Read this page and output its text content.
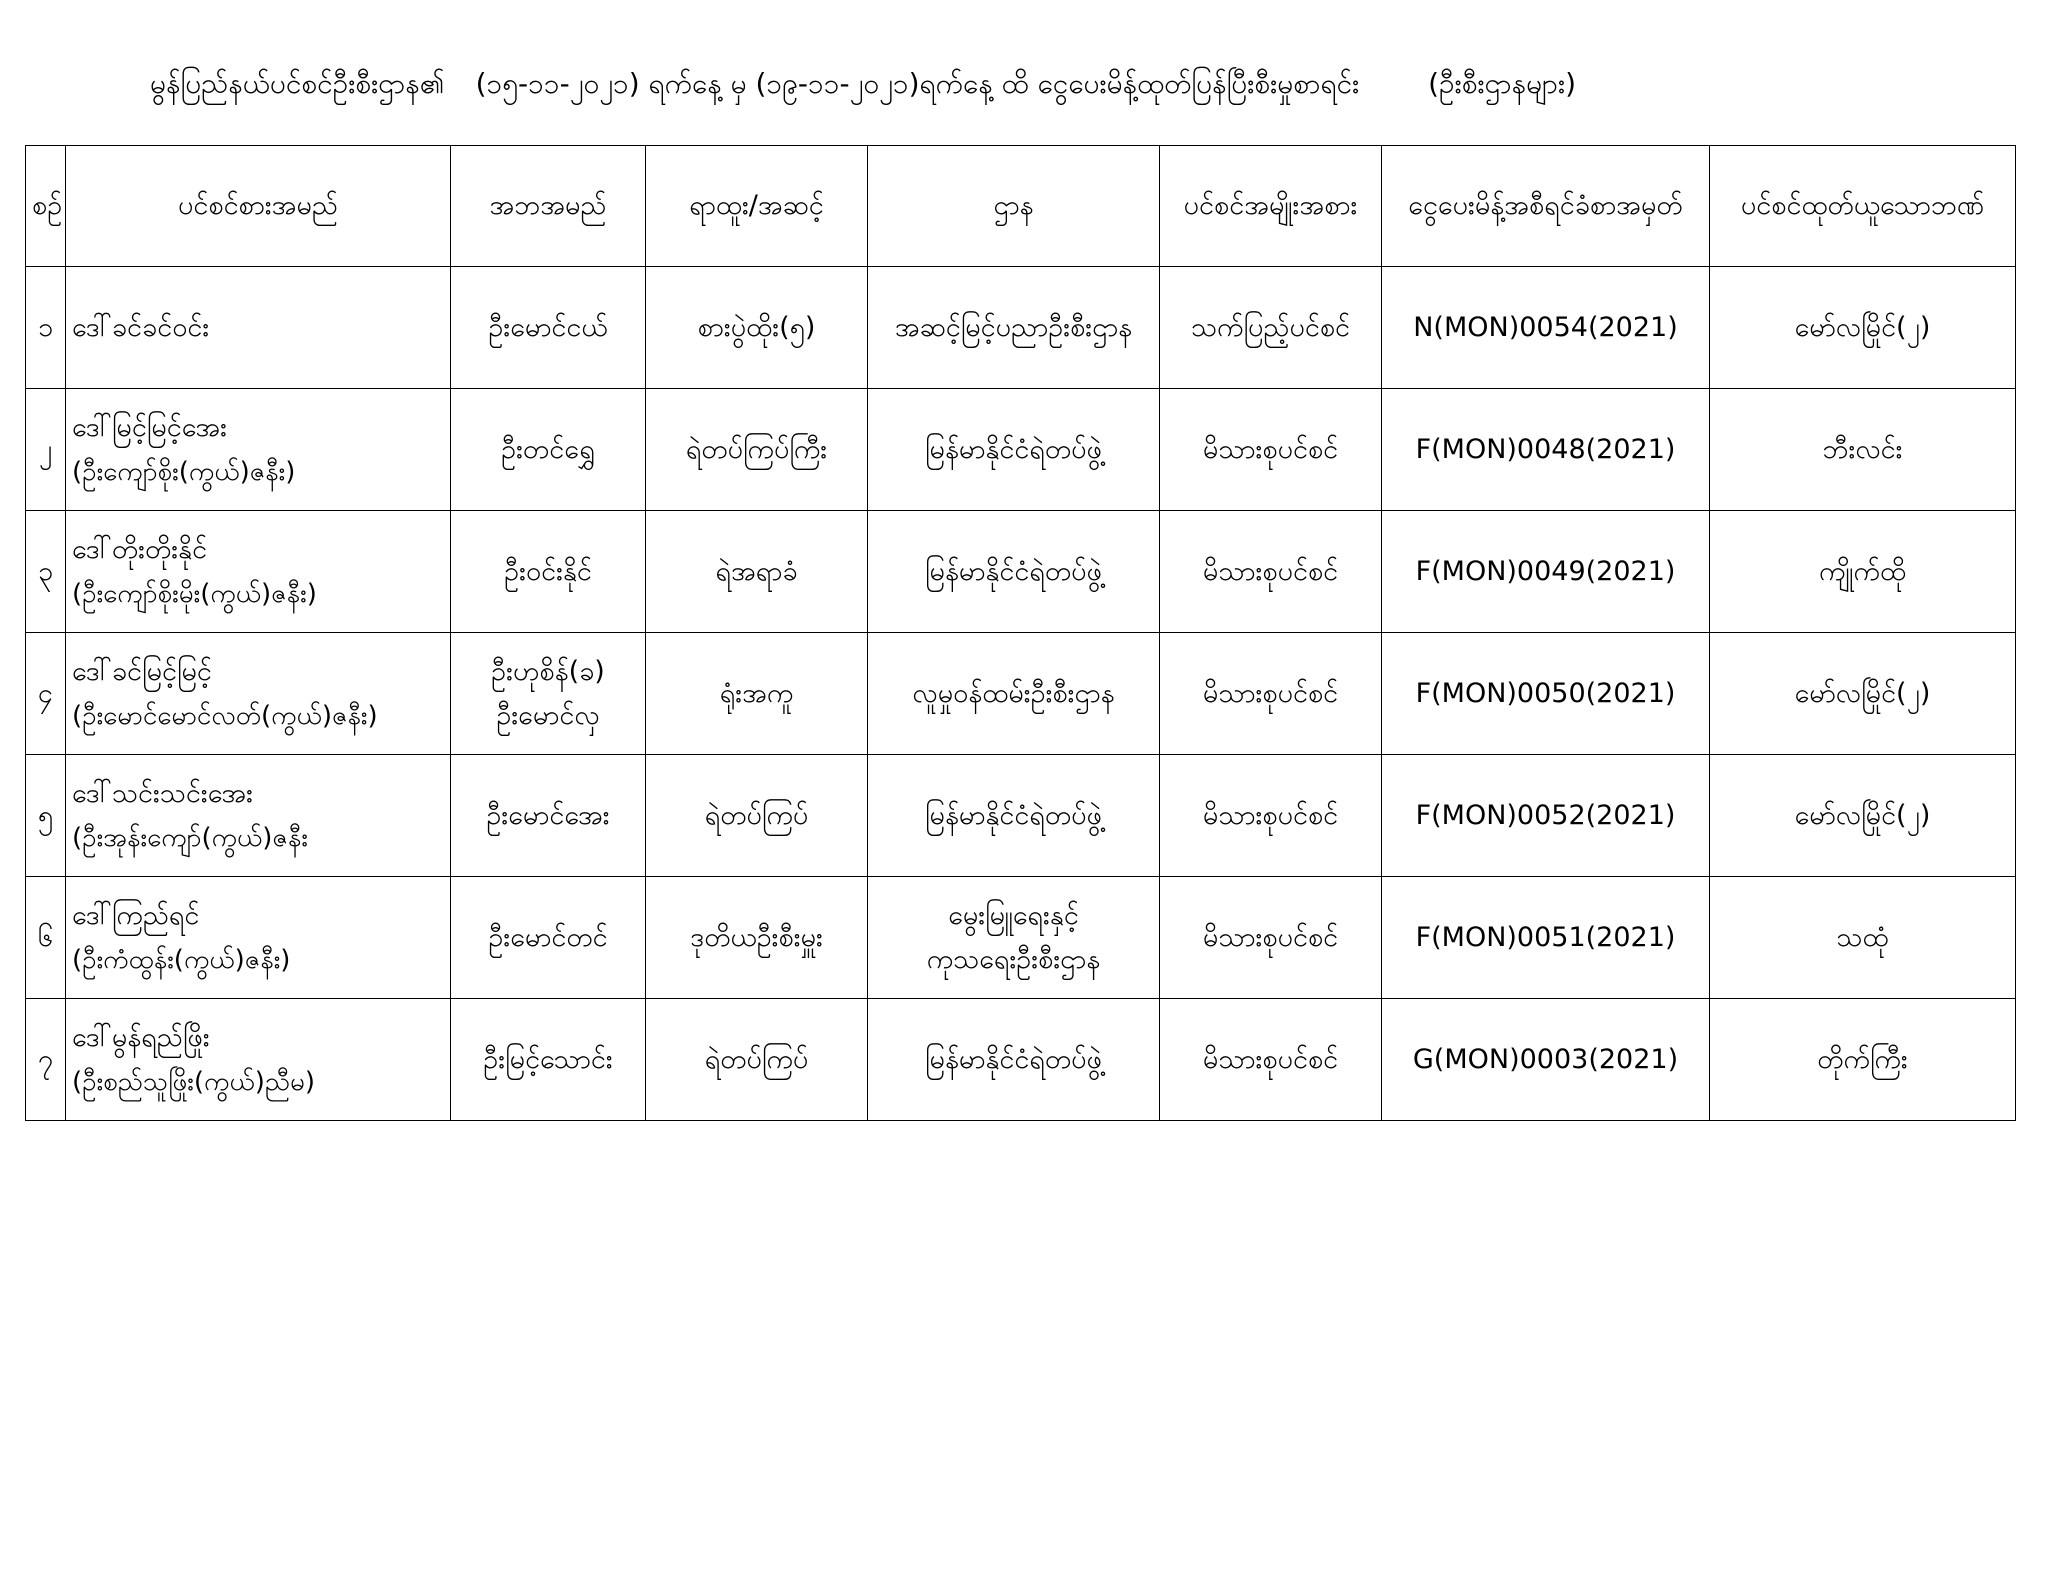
မွန်ပြည်နယ်ပင်စင်ဦးစီးဌာန၏ (၁၅-၁၁-၂၀၂၁) ရက်နေ့ မှ (၁၉-၁၁-၂၀၂၁)ရက်နေ့ ထိ ငွေပေးမိန့်ထုတ်ပြန်ပြီးစီးမှုစာရင်း (ဦးစီးဌာနများ)
စဉ်	ပင်စင်စားအမည်	အဘအမည်	ရာထူး/အဆင့်	ဌာန	ပင်စင်အမျိုးအစား	ငွေပေးမိန့်အစီရင်ခံစာအမှတ်	ပင်စင်ထုတ်ယူသောဘဏ်
၁	ဒေါ်ခင်ခင်ဝင်း	ဦးမောင်ငယ်	စားပွဲထိုး(၅)	အဆင့်မြင့်ပညာဦးစီးဌာန	သက်ပြည့်ပင်စင်	N(MON)0054(2021)	မော်လမြိုင်(၂)
၂	ဒေါ်မြင့်မြင့်အေး
(ဦးကျော်စိုး(ကွယ်)ဇနီး)	ဦးတင်ရွှေ	ရဲတပ်ကြပ်ကြီး	မြန်မာနိုင်ငံရဲတပ်ဖွဲ့	မိသားစုပင်စင်	F(MON)0048(2021)	ဘီးလင်း
၃	ဒေါ်တိုးတိုးနိုင်
(ဦးကျော်စိုးမိုး(ကွယ်)ဇနီး)	ဦးဝင်းနိုင်	ရဲအရာခံ	မြန်မာနိုင်ငံရဲတပ်ဖွဲ့	မိသားစုပင်စင်	F(MON)0049(2021)	ကျိုက်ထို
၄	ဒေါ်ခင်မြင့်မြင့်
(ဦးမောင်မောင်လတ်(ကွယ်)ဇနီး)	ဦးဟုစိန်(ခ)
ဦးမောင်လှ	ရုံးအကူ	လူမှုဝန်ထမ်းဦးစီးဌာန	မိသားစုပင်စင်	F(MON)0050(2021)	မော်လမြိုင်(၂)
၅	ဒေါ်သင်းသင်းအေး
(ဦးအုန်းကျော်(ကွယ်)ဇနီး	ဦးမောင်အေး	ရဲတပ်ကြပ်	မြန်မာနိုင်ငံရဲတပ်ဖွဲ့	မိသားစုပင်စင်	F(MON)0052(2021)	မော်လမြိုင်(၂)
၆	ဒေါ်ကြည်ရင်
(ဦးကံထွန်း(ကွယ်)ဇနီး)	ဦးမောင်တင်	ဒုတိယဦးစီးမှူး	မွေးမြူရေးနှင့်
ကုသရေးဦးစီးဌာန	မိသားစုပင်စင်	F(MON)0051(2021)	သထုံ
၇	ဒေါ်မွန်ရည်ဖြိုး
(ဦးစည်သူဖြိုး(ကွယ်)ညီမ)	ဦးမြင့်သောင်း	ရဲတပ်ကြပ်	မြန်မာနိုင်ငံရဲတပ်ဖွဲ့	မိသားစုပင်စင်	G(MON)0003(2021)	တိုက်ကြီး
